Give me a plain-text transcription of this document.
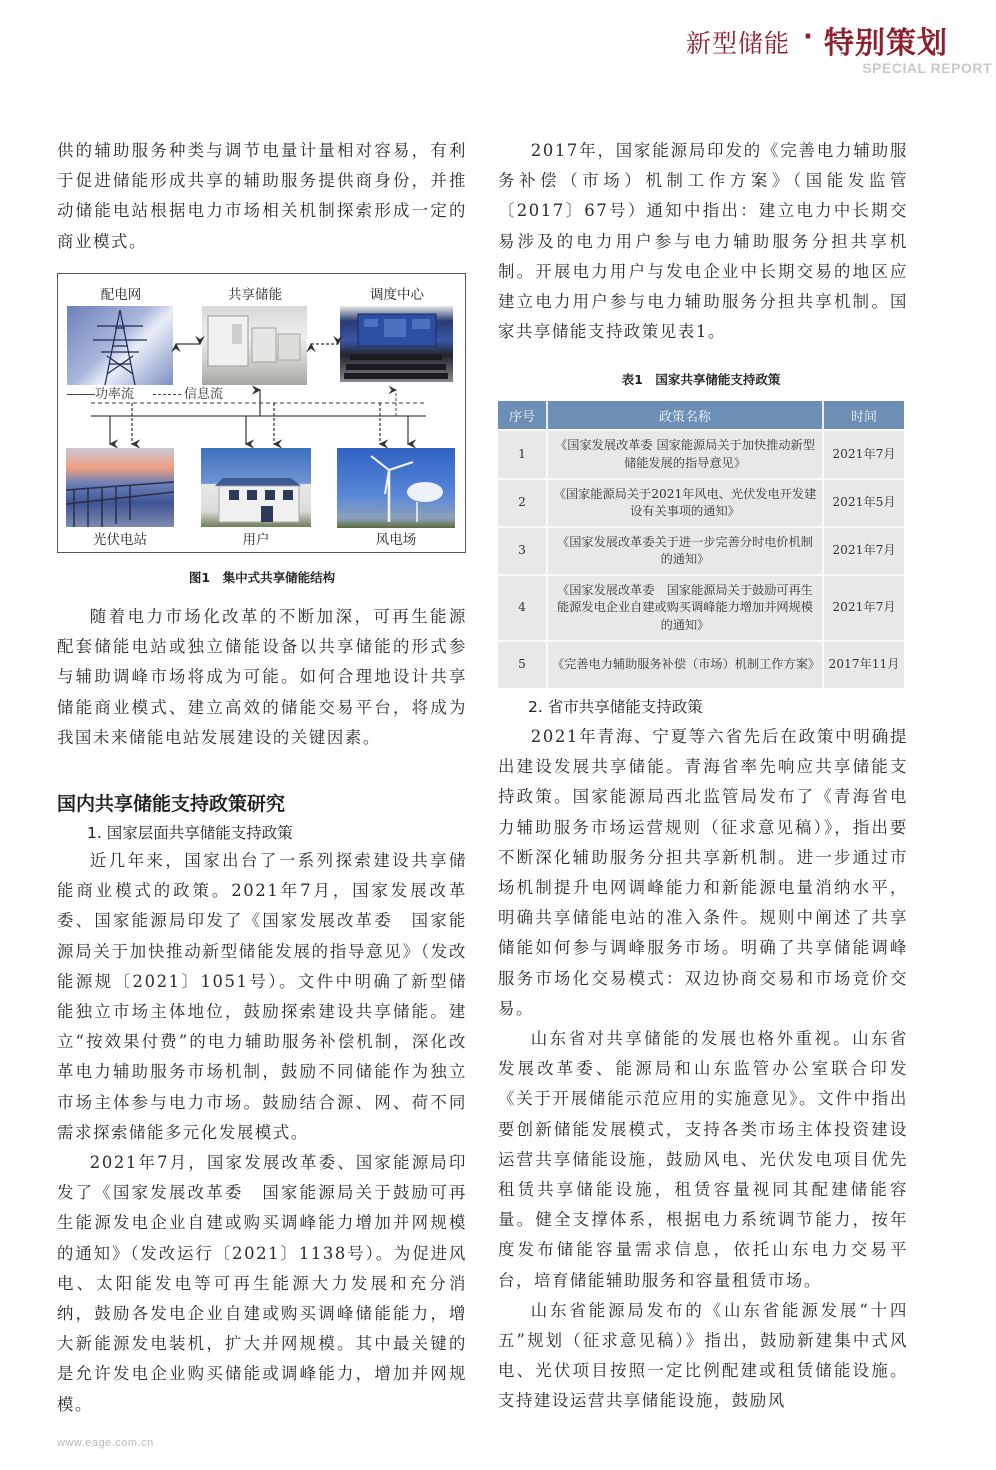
新型储能 · 特别策划
SPECIAL REPORT

供的辅助服务种类与调节电量计量相对容易，有利于促进储能形成共享的辅助服务提供商身份，并推动储能电站根据电力市场相关机制探索形成一定的商业模式。

配电网	共享储能	调度中心
功率流	信息流
光伏电站	用户	风电场
图1　集中式共享储能结构

随着电力市场化改革的不断加深，可再生能源配套储能电站或独立储能设备以共享储能的形式参与辅助调峰市场将成为可能。如何合理地设计共享储能商业模式、建立高效的储能交易平台，将成为我国未来储能电站发展建设的关键因素。

国内共享储能支持政策研究

1. 国家层面共享储能支持政策

近几年来，国家出台了一系列探索建设共享储能商业模式的政策。2021年7月，国家发展改革委、国家能源局印发了《国家发展改革委　国家能源局关于加快推动新型储能发展的指导意见》（发改能源规〔2021〕1051号）。文件中明确了新型储能独立市场主体地位，鼓励探索建设共享储能。建立“按效果付费”的电力辅助服务补偿机制，深化改革电力辅助服务市场机制，鼓励不同储能作为独立市场主体参与电力市场。鼓励结合源、网、荷不同需求探索储能多元化发展模式。

2021年7月，国家发展改革委、国家能源局印发了《国家发展改革委　国家能源局关于鼓励可再生能源发电企业自建或购买调峰能力增加并网规模的通知》（发改运行〔2021〕1138号）。为促进风电、太阳能发电等可再生能源大力发展和充分消纳，鼓励各发电企业自建或购买调峰储能能力，增大新能源发电装机，扩大并网规模。其中最关键的是允许发电企业购买储能或调峰能力，增加并网规模。

2017年，国家能源局印发的《完善电力辅助服务补偿（市场）机制工作方案》（国能发监管〔2017〕67号）通知中指出：建立电力中长期交易涉及的电力用户参与电力辅助服务分担共享机制。开展电力用户与发电企业中长期交易的地区应建立电力用户参与电力辅助服务分担共享机制。国家共享储能支持政策见表1。

表1　国家共享储能支持政策
序号	政策名称	时间
1	《国家发展改革委 国家能源局关于加快推动新型储能发展的指导意见》	2021年7月
2	《国家能源局关于2021年风电、光伏发电开发建设有关事项的通知》	2021年5月
3	《国家发展改革委关于进一步完善分时电价机制的通知》	2021年7月
4	《国家发展改革委　国家能源局关于鼓励可再生能源发电企业自建或购买调峰能力增加并网规模的通知》	2021年7月
5	《完善电力辅助服务补偿（市场）机制工作方案》	2017年11月

2. 省市共享储能支持政策

2021年青海、宁夏等六省先后在政策中明确提出建设发展共享储能。青海省率先响应共享储能支持政策。国家能源局西北监管局发布了《青海省电力辅助服务市场运营规则（征求意见稿）》，指出要不断深化辅助服务分担共享新机制。进一步通过市场机制提升电网调峰能力和新能源电量消纳水平，明确共享储能电站的准入条件。规则中阐述了共享储能如何参与调峰服务市场。明确了共享储能调峰服务市场化交易模式：双边协商交易和市场竞价交易。

山东省对共享储能的发展也格外重视。山东省发展改革委、能源局和山东监管办公室联合印发《关于开展储能示范应用的实施意见》。文件中指出要创新储能发展模式，支持各类市场主体投资建设运营共享储能设施，鼓励风电、光伏发电项目优先租赁共享储能设施，租赁容量视同其配建储能容量。健全支撑体系，根据电力系统调节能力，按年度发布储能容量需求信息，依托山东电力交易平台，培育储能辅助服务和容量租赁市场。

山东省能源局发布的《山东省能源发展“十四五”规划（征求意见稿）》指出，鼓励新建集中式风电、光伏项目按照一定比例配建或租赁储能设施。支持建设运营共享储能设施，鼓励风

www.eage.com.cn
